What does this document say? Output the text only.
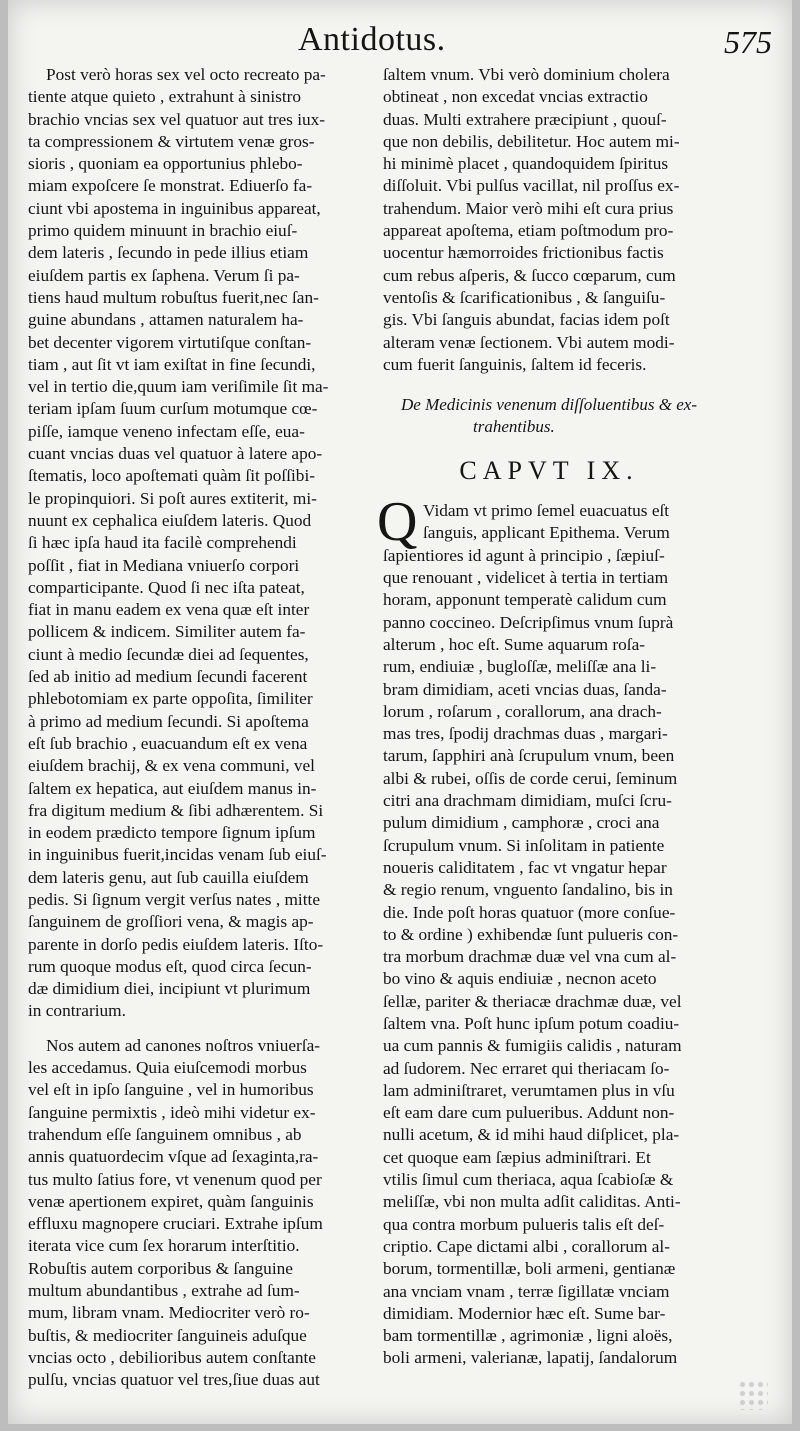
Antidotus.	575
Post verò horas sex vel octo recreato pa-
tiente atque quieto , extrahunt à sinistro
brachio vncias sex vel quatuor aut tres iux-
ta compressionem & virtutem venæ gros-
sioris , quoniam ea opportunius phlebo-
miam expoſcere ſe monstrat. Ediuerſo fa-
ciunt vbi apostema in inguinibus appareat,
primo quidem minuunt in brachio eiuſ-
dem lateris , ſecundo in pede illius etiam
eiuſdem partis ex ſaphena. Verum ſi pa-
tiens haud multum robuſtus fuerit,nec ſan-
guine abundans , attamen naturalem ha-
bet decenter vigorem virtutiſque conſtan-
tiam , aut ſit vt iam exiſtat in fine ſecundi,
vel in tertio die,quum iam veriſimile ſit ma-
teriam ipſam ſuum curſum motumque cœ-
piſſe, iamque veneno infectam eſſe, eua-
cuant vncias duas vel quatuor à latere apo-
ſtematis, loco apoſtemati quàm ſit poſſibi-
le propinquiori. Si poſt aures extiterit, mi-
nuunt ex cephalica eiuſdem lateris. Quod
ſi hæc ipſa haud ita facilè comprehendi
poſſit , fiat in Mediana vniuerſo corpori
comparticipante. Quod ſi nec iſta pateat,
fiat in manu eadem ex vena quæ eſt inter
pollicem & indicem. Similiter autem fa-
ciunt à medio ſecundæ diei ad ſequentes,
ſed ab initio ad medium ſecundi facerent
phlebotomiam ex parte oppoſita, ſimiliter
à primo ad medium ſecundi. Si apoſtema
eſt ſub brachio , euacuandum eſt ex vena
eiuſdem brachij, & ex vena communi, vel
ſaltem ex hepatica, aut eiuſdem manus in-
fra digitum medium & ſibi adhærentem. Si
in eodem prædicto tempore ſignum ipſum
in inguinibus fuerit,incidas venam ſub eiuſ-
dem lateris genu, aut ſub cauilla eiuſdem
pedis. Si ſignum vergit verſus nates , mitte
ſanguinem de groſſiori vena, & magis ap-
parente in dorſo pedis eiuſdem lateris. Iſto-
rum quoque modus eſt, quod circa ſecun-
dæ dimidium diei, incipiunt vt plurimum
in contrarium.
Nos autem ad canones noſtros vniuerſa-
les accedamus. Quia eiuſcemodi morbus
vel eſt in ipſo ſanguine , vel in humoribus
ſanguine permixtis , ideò mihi videtur ex-
trahendum eſſe ſanguinem omnibus , ab
annis quatuordecim vſque ad ſexaginta,ra-
tus multo ſatius fore, vt venenum quod per
venæ apertionem expiret, quàm ſanguinis
effluxu magnopere cruciari. Extrahe ipſum
iterata vice cum ſex horarum interſtitio.
Robuſtis autem corporibus & ſanguine
multum abundantibus , extrahe ad ſum-
mum, libram vnam. Mediocriter verò ro-
buſtis, & mediocriter ſanguineis aduſque
vncias octo , debilioribus autem conſtante
pulſu, vncias quatuor vel tres,ſiue duas aut
ſaltem vnum. Vbi verò dominium cholera
obtineat , non excedat vncias extractio
duas. Multi extrahere præcipiunt , quouſ-
que non debilis, debilitetur. Hoc autem mi-
hi minimè placet , quandoquidem ſpiritus
diſſoluit. Vbi pulſus vacillat, nil proſſus ex-
trahendum. Maior verò mihi eſt cura prius
appareat apoſtema, etiam poſtmodum pro-
uocentur hæmorroides frictionibus factis
cum rebus aſperis, & ſucco cœparum, cum
ventoſis & ſcarificationibus , & ſanguiſu-
gis. Vbi ſanguis abundat, facias idem poſt
alteram venæ ſectionem. Vbi autem modi-
cum fuerit ſanguinis, ſaltem id feceris.
De Medicinis venenum diſſoluentibus & ex-
trahentibus.
CAPVT IX.
Q Vidam vt primo ſemel euacuatus eſt
ſanguis, applicant Epithema. Verum
ſapientiores id agunt à principio , ſæpiuſ-
que renouant , videlicet à tertia in tertiam
horam, apponunt temperatè calidum cum
panno coccineo. Deſcripſimus vnum ſuprà
alterum , hoc eſt. Sume aquarum roſa-
rum, endiuiæ , bugloſſæ, meliſſæ ana li-
bram dimidiam, aceti vncias duas, ſanda-
lorum , roſarum , corallorum, ana drach-
mas tres, ſpodij drachmas duas , margari-
tarum, ſapphiri anà ſcrupulum vnum, been
albi & rubei, oſſis de corde cerui, ſeminum
citri ana drachmam dimidiam, muſci ſcru-
pulum dimidium , camphoræ , croci ana
ſcrupulum vnum. Si inſolitam in patiente
noueris caliditatem , fac vt vngatur hepar
& regio renum, vnguento ſandalino, bis in
die. Inde poſt horas quatuor (more conſue-
to & ordine ) exhibendæ ſunt pulueris con-
tra morbum drachmæ duæ vel vna cum al-
bo vino & aquis endiuiæ , necnon aceto
ſellæ, pariter & theriacæ drachmæ duæ, vel
ſaltem vna. Poſt hunc ipſum potum coadiu-
ua cum pannis & fumigiis calidis , naturam
ad ſudorem. Nec erraret qui theriacam ſo-
lam adminiſtraret, verumtamen plus in vſu
eſt eam dare cum pulueribus. Addunt non-
nulli acetum, & id mihi haud diſplicet, pla-
cet quoque eam ſæpius adminiſtrari. Et
vtilis ſimul cum theriaca, aqua ſcabioſæ &
meliſſæ, vbi non multa adſit caliditas. Anti-
qua contra morbum pulueris talis eſt deſ-
criptio. Cape dictami albi , corallorum al-
borum, tormentillæ, boli armeni, gentianæ
ana vnciam vnam , terræ ſigillatæ vnciam
dimidiam. Modernior hæc eſt. Sume bar-
bam tormentillæ , agrimoniæ , ligni aloës,
boli armeni, valerianæ, lapatij, ſandalorum
